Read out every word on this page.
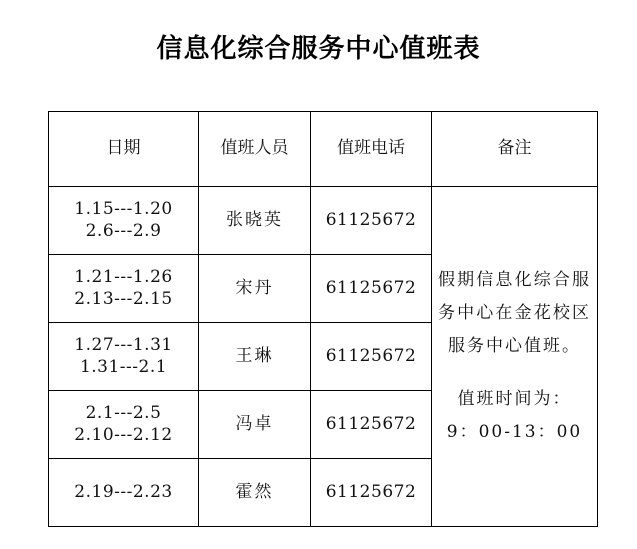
信息化综合服务中心值班表
日期	值班人员	值班电话	备注

1.15---1.20
2.6---2.9	张晓英	61125672	假期信息化综合服务中心在金花校区服务中心值班。
值班时间为：
9：00-13：00

1.21---1.26
2.13---2.15	宋丹	61125672	

1.27---1.31
1.31---2.1	王琳	61125672	

2.1---2.5
2.10---2.12	冯卓	61125672	

2.19---2.23	霍然	61125672	
